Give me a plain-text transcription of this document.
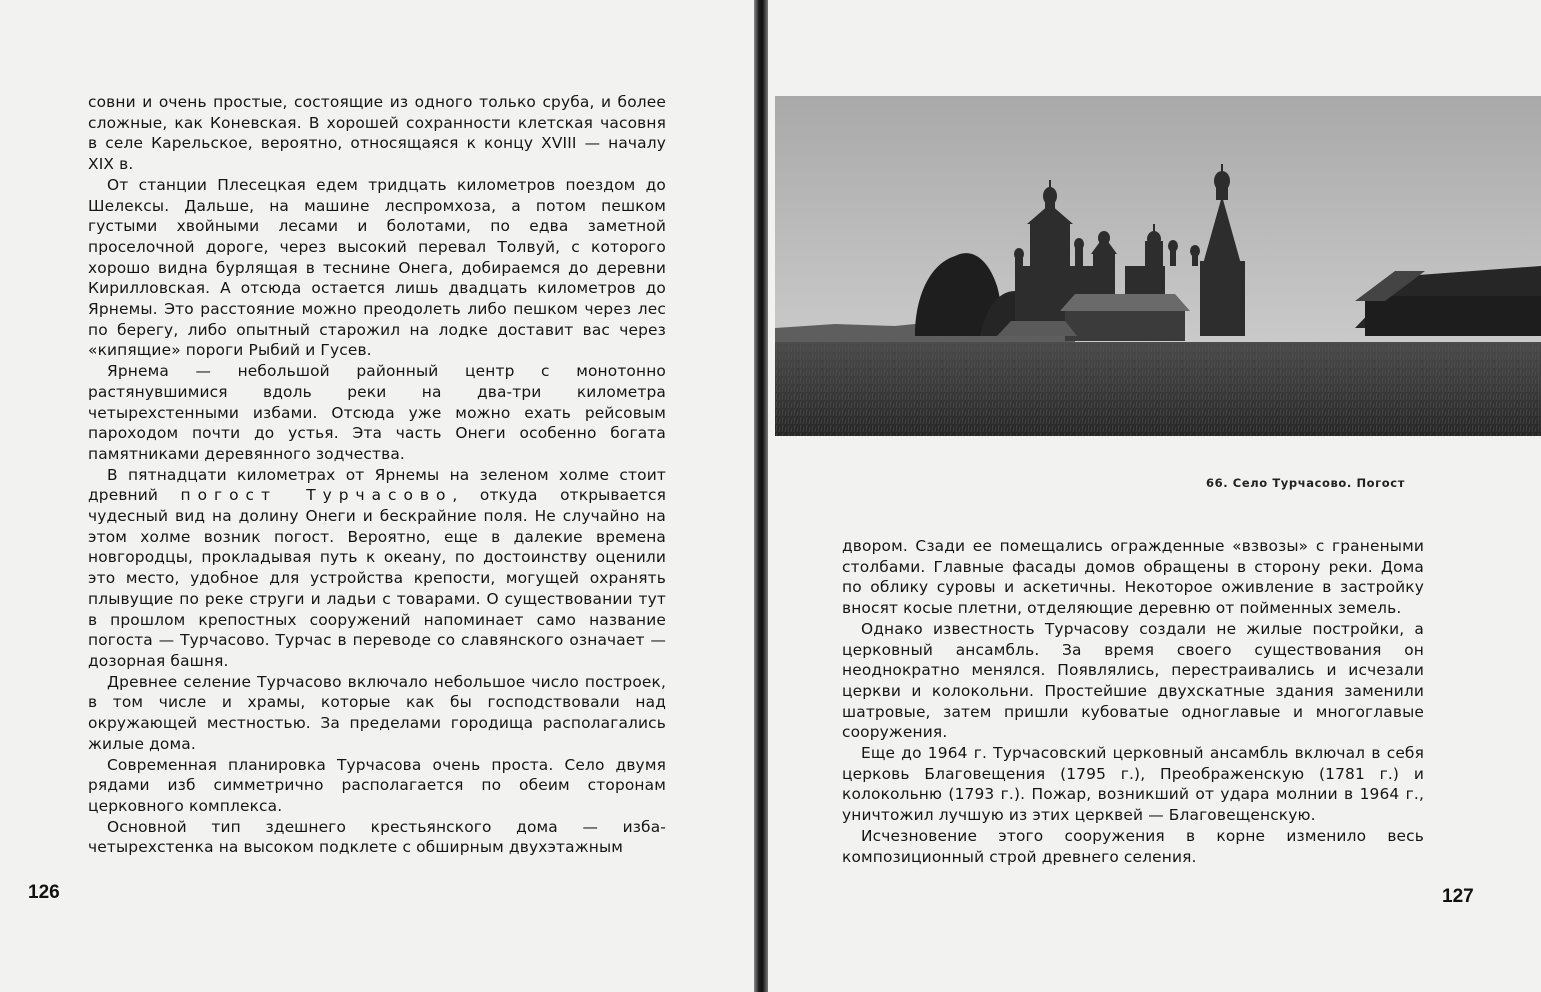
совни и очень простые, состоящие из одного только сруба, и более сложные, как Коневская. В хорошей сохранности клетская часовня в селе Карельское, вероятно, относящаяся к концу XVIII — началу XIX в.

От станции Плесецкая едем тридцать километров поездом до Шелексы. Дальше, на машине леспромхоза, а потом пешком густыми хвойными лесами и болотами, по едва заметной проселочной дороге, через высокий перевал Толвуй, с которого хорошо видна бурлящая в теснине Онега, добираемся до деревни Кирилловская. А отсюда остается лишь двадцать километров до Ярнемы. Это расстояние можно преодолеть либо пешком через лес по берегу, либо опытный старожил на лодке доставит вас через «кипящие» пороги Рыбий и Гусев.

Ярнема — небольшой районный центр с монотонно растянувшимися вдоль реки на два-три километра четырехстенными избами. Отсюда уже можно ехать рейсовым пароходом почти до устья. Эта часть Онеги особенно богата памятниками деревянного зодчества.

В пятнадцати километрах от Ярнемы на зеленом холме стоит древний погост Турчасово, откуда открывается чудесный вид на долину Онеги и бескрайние поля. Не случайно на этом холме возник погост. Вероятно, еще в далекие времена новгородцы, прокладывая путь к океану, по достоинству оценили это место, удобное для устройства крепости, могущей охранять плывущие по реке струги и ладьи с товарами. О существовании тут в прошлом крепостных сооружений напоминает само название погоста — Турчасово. Турчас в переводе со славянского означает — дозорная башня.

Древнее селение Турчасово включало небольшое число построек, в том числе и храмы, которые как бы господствовали над окружающей местностью. За пределами городища располагались жилые дома.

Современная планировка Турчасова очень проста. Село двумя рядами изб симметрично располагается по обеим сторонам церковного комплекса.

Основной тип здешнего крестьянского дома — изба-четырехстенка на высоком подклете с обширным двухэтажным

126
66. Село Турчасово. Погост

двором. Сзади ее помещались огражденные «взвозы» с гранеными столбами. Главные фасады домов обращены в сторону реки. Дома по облику суровы и аскетичны. Некоторое оживление в застройку вносят косые плетни, отделяющие деревню от пойменных земель.

Однако известность Турчасову создали не жилые постройки, а церковный ансамбль. За время своего существования он неоднократно менялся. Появлялись, перестраивались и исчезали церкви и колокольни. Простейшие двухскатные здания заменили шатровые, затем пришли кубоватые одноглавые и многоглавые сооружения.

Еще до 1964 г. Турчасовский церковный ансамбль включал в себя церковь Благовещения (1795 г.), Преображенскую (1781 г.) и колокольню (1793 г.). Пожар, возникший от удара молнии в 1964 г., уничтожил лучшую из этих церквей — Благовещенскую.

Исчезновение этого сооружения в корне изменило весь композиционный строй древнего селения.

127
